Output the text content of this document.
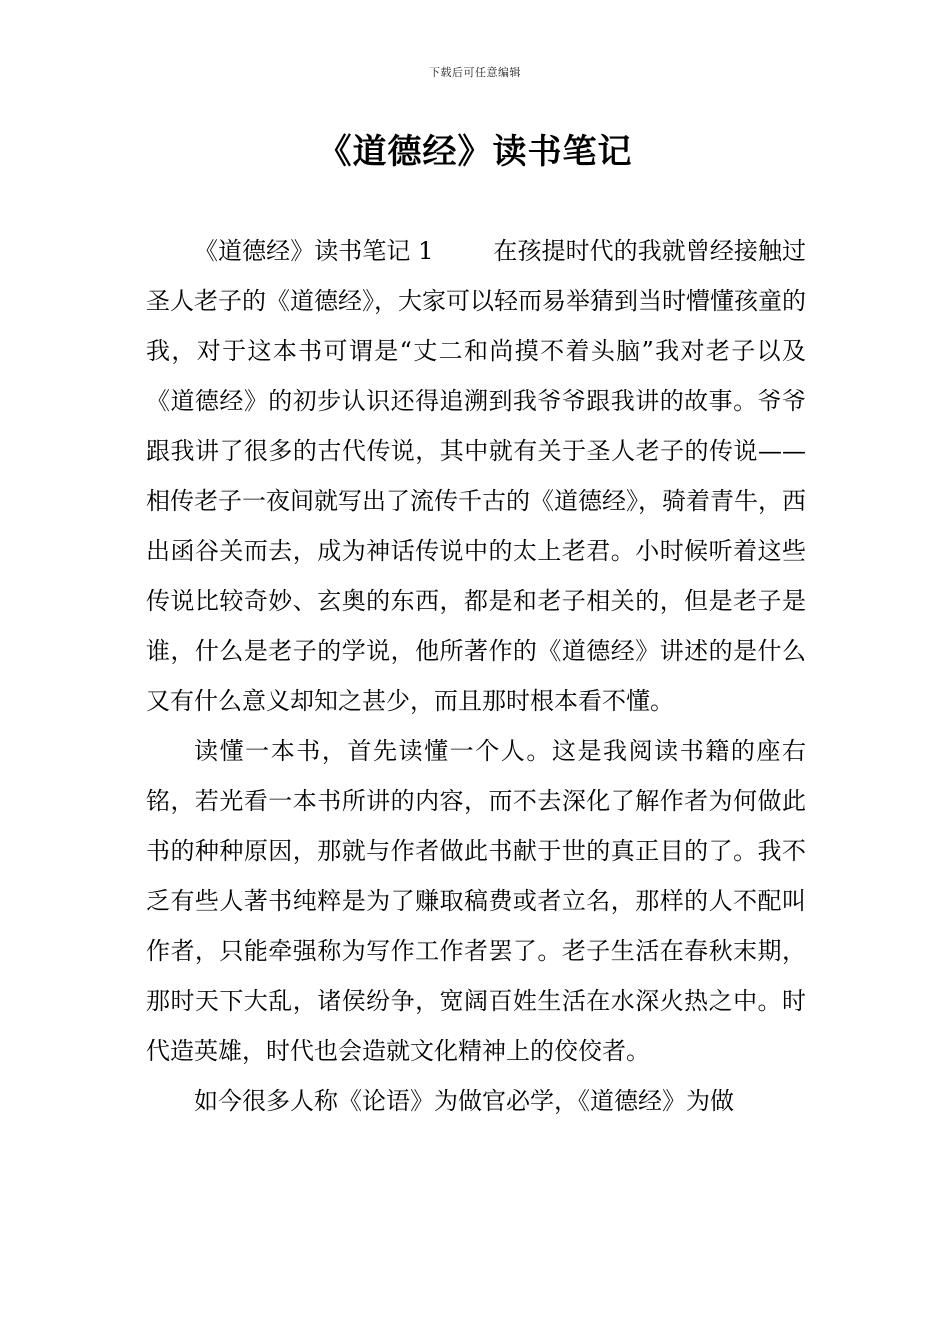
下载后可任意编辑
《道德经》读书笔记

《道德经》读书笔记 1	在孩提时代的我就曾经接触过圣人老子的《道德经》，大家可以轻而易举猜到当时懵懂孩童的我，对于这本书可谓是“丈二和尚摸不着头脑”我对老子以及《道德经》的初步认识还得追溯到我爷爷跟我讲的故事。爷爷跟我讲了很多的古代传说，其中就有关于圣人老子的传说——相传老子一夜间就写出了流传千古的《道德经》，骑着青牛，西出函谷关而去，成为神话传说中的太上老君。小时候听着这些传说比较奇妙、玄奥的东西，都是和老子相关的，但是老子是谁，什么是老子的学说，他所著作的《道德经》讲述的是什么又有什么意义却知之甚少，而且那时根本看不懂。

读懂一本书，首先读懂一个人。这是我阅读书籍的座右铭，若光看一本书所讲的内容，而不去深化了解作者为何做此书的种种原因，那就与作者做此书献于世的真正目的了。我不乏有些人著书纯粹是为了赚取稿费或者立名，那样的人不配叫作者，只能牵强称为写作工作者罢了。老子生活在春秋末期，那时天下大乱，诸侯纷争，宽阔百姓生活在水深火热之中。时代造英雄，时代也会造就文化精神上的佼佼者。

如今很多人称《论语》为做官必学，《道德经》为做
